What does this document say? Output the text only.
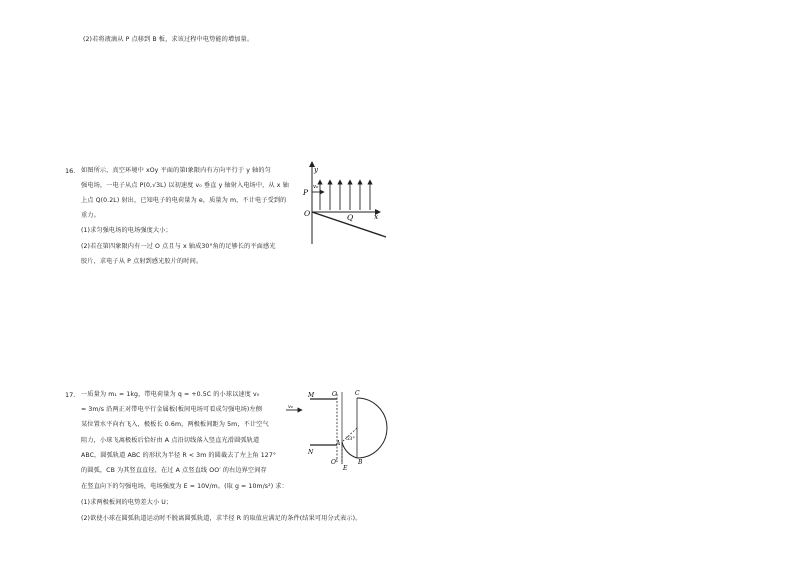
(2)若将液滴从 P 点移到 B 板，求该过程中电势能的增加量。
16. 如图所示，真空环境中 xOy 平面的第Ⅰ象限内有方向平行于 y 轴的匀
强电场，一电子从点 P(0,√3L) 以初速度 v₀ 垂直 y 轴射入电场中，从 x 轴
上点 Q(0.2L) 射出，已知电子的电荷量为 e，质量为 m，不计电子受到的
重力。
(1)求匀强电场的电场强度大小；
(2)若在第四象限内有一过 O 点且与 x 轴成30°角的足够长的平面感光
胶片，求电子从 P 点射到感光胶片的时间。
y
v₀
P
O	Q	x
17. 一质量为 m₁ = 1kg，带电荷量为 q = +0.5C 的小球以速度 v₀
= 3m/s 沿两正对带电平行金属板(板间电场可看成匀强电场)左侧
某位置水平向右飞入，极板长 0.6m，两极板间距为 5m，不计空气
阻力，小球飞离极板后恰好由 A 点沿切线落入竖直光滑圆弧轨道
ABC，圆弧轨道 ABC 的形状为半径 R < 3m 的圆截去了左上角 127°
的圆弧，CB 为其竖直直径，在过 A 点竖直线 OO′ 的右边界空间存
在竖直向下的匀强电场，电场强度为 E = 10V/m。(取 g = 10m/s²) 求：
(1)求两极板间的电势差大小 U；
(2)欲使小球在圆弧轨道运动时不脱离圆弧轨道，求半径 R 的取值应满足的条件(结果可用分式表示)。
M
N
v₀
O
O′
C
A
B
E
53°
